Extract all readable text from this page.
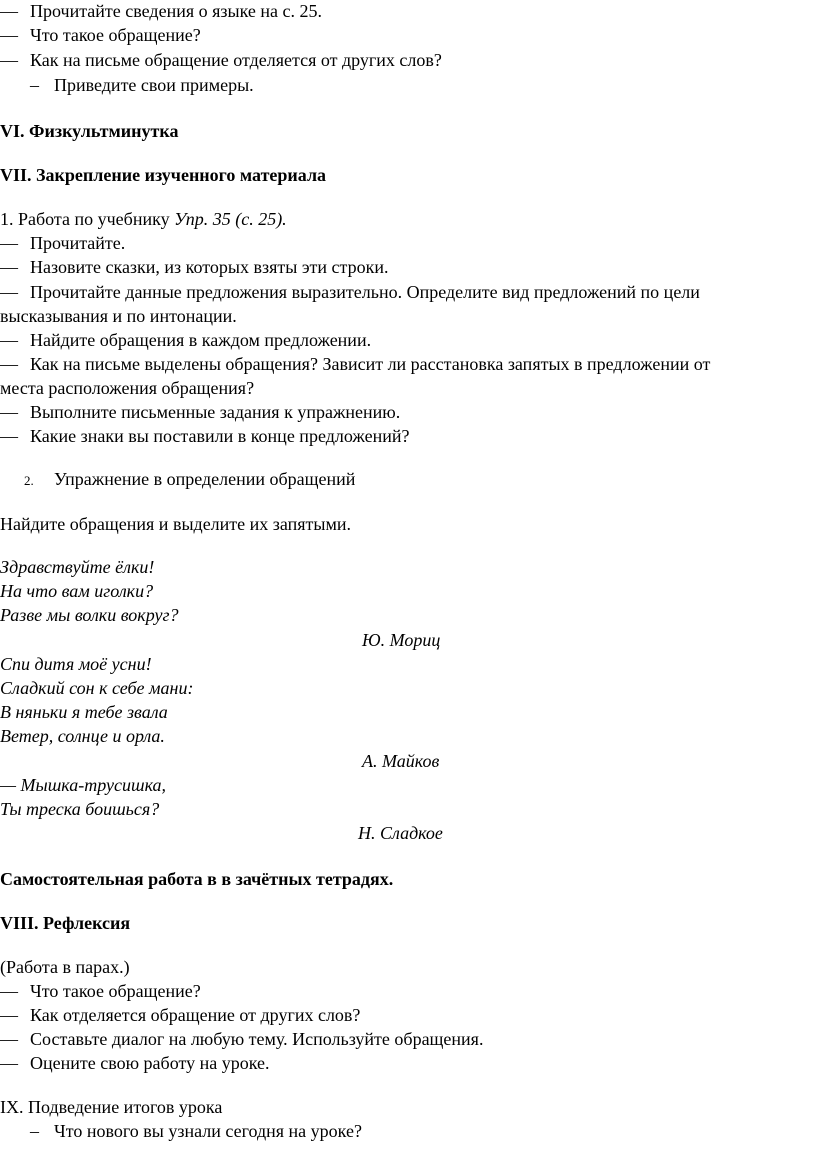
— Прочитайте сведения о языке на с. 25.
— Что такое обращение?
— Как на письме обращение отделяется от других слов?
– Приведите свои примеры.
VI. Физкультминутка
VII. Закрепление изученного материала
1. Работа по учебнику Упр. 35 (с. 25).
— Прочитайте.
— Назовите сказки, из которых взяты эти строки.
— Прочитайте данные предложения выразительно. Определите вид предложений по цели
высказывания и по интонации.
— Найдите обращения в каждом предложении.
— Как на письме выделены обращения? Зависит ли расстановка запятых в предложении от
места расположения обращения?
— Выполните письменные задания к упражнению.
— Какие знаки вы поставили в конце предложений?
2. Упражнение в определении обращений
Найдите обращения и выделите их запятыми.
Здравствуйте ёлки!
На что вам иголки?
Разве мы волки вокруг?
Ю. Мориц
Спи дитя моё усни!
Сладкий сон к себе мани:
В няньки я тебе звала
Ветер, солнце и орла.
А. Майков
— Мышка-трусишка,
Ты треска боишься?
Н. Сладкое
Самостоятельная работа в в зачётных тетрадях.
VIII. Рефлексия
(Работа в парах.)
— Что такое обращение?
— Как отделяется обращение от других слов?
— Составьте диалог на любую тему. Используйте обращения.
— Оцените свою работу на уроке.
IX. Подведение итогов урока
– Что нового вы узнали сегодня на уроке?
